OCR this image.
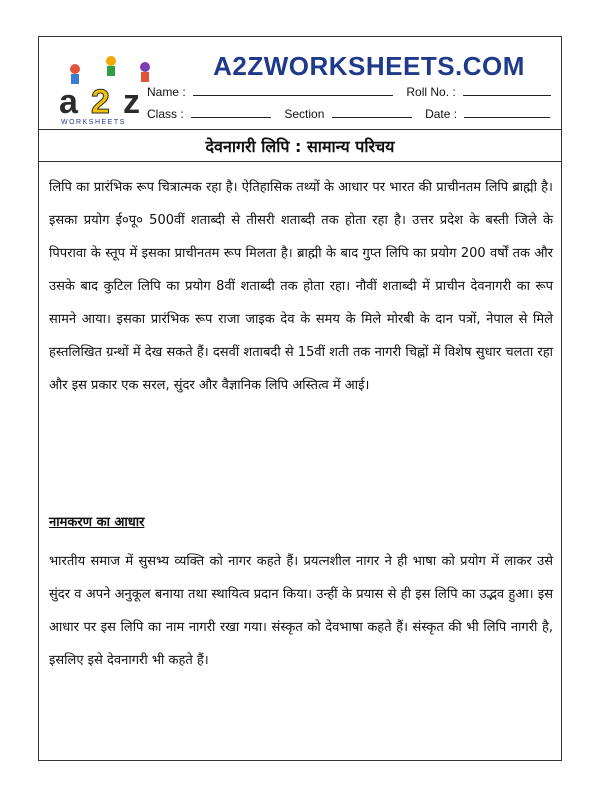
a 2 z
WORKSHEETS
A2ZWORKSHEETS.COM
Name :	Roll No. :
Class :	Section	Date :
देवनागरी लिपि : सामान्य परिचय
लिपि का प्रारंभिक रूप चित्रात्मक रहा है। ऐतिहासिक तथ्यों के आधार पर भारत की प्राचीनतम लिपि ब्राह्मी है। इसका प्रयोग ई०पू० 500वीं शताब्दी से तीसरी शताब्दी तक होता रहा है। उत्तर प्रदेश के बस्ती जिले के पिपरावा के स्तूप में इसका प्राचीनतम रूप मिलता है। ब्राह्मी के बाद गुप्त लिपि का प्रयोग 200 वर्षों तक और उसके बाद कुटिल लिपि का प्रयोग 8वीं शताब्दी तक होता रहा। नौवीं शताब्दी में प्राचीन देवनागरी का रूप सामने आया। इसका प्रारंभिक रूप राजा जाइक देव के समय के मिले मोरबी के दान पत्रों, नेपाल से मिले हस्तलिखित ग्रन्थों में देख सकते हैं। दसवीं शताबदी से 15वीं शती तक नागरी चिह्नों में विशेष सुधार चलता रहा और इस प्रकार एक सरल, सुंदर और वैज्ञानिक लिपि अस्तित्व में आई।
नामकरण का आधार
भारतीय समाज में सुसभ्य व्यक्ति को नागर कहते हैं। प्रयत्नशील नागर ने ही भाषा को प्रयोग में लाकर उसे सुंदर व अपने अनुकूल बनाया तथा स्थायित्व प्रदान किया। उन्हीं के प्रयास से ही इस लिपि का उद्भव हुआ। इस आधार पर इस लिपि का नाम नागरी रखा गया। संस्कृत को देवभाषा कहते हैं। संस्कृत की भी लिपि नागरी है, इसलिए इसे देवनागरी भी कहते हैं।
